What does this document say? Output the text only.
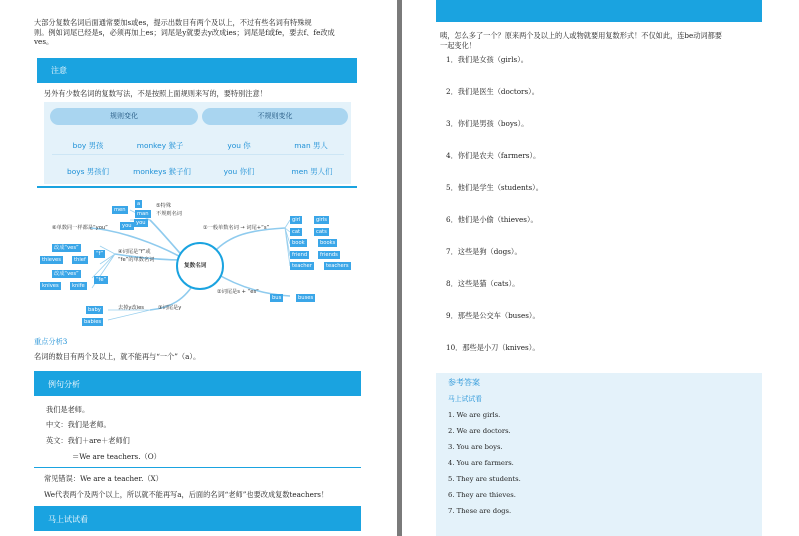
大部分复数名词后面通常要加s或es，提示出数目有两个及以上，不过有些名词有特殊规
则。例如词尾已经是s，必须再加上es；词尾是y就要去y改成ies；词尾是f或fe，要去f、fe改成
ves。
注意
另外有少数名词的复数写法，不是按照上面规则来写的，要特别注意！
规则变化	不规则变化
boy 男孩	monkey 猴子	you 你	man 男人
boys 男孩们	monkeys 猴子们	you 你们	men 男人们
复数名词
①一般单数名词 → 词尾+“s”
girl	girls
cat	cats
book	books
friend	friends
teacher	teachers
②词尾是s + “es”
bus	buses
③词尾是y
去掉y改ies
baby
babies
④词尾是“f”或
“fe”的单数名词
改成“ves”
thieves	thief
“f”
改成“ves”
knives	knife
“fe”
⑤特殊
不规则名词
a
men
man
⑥单数同一样都是“you”	you you
重点分析3
名词的数目有两个及以上，就不能再与“一个”（a）。
例句分析
我们是老师。
中文：我们是老师。
英文：我们＋are＋老师们
＝We are teachers.（O）
常见错误：We are a teacher.（X）
We代表两个及两个以上，所以就不能再写a，后面的名词“老师”也要改成复数teachers！
马上试试看
咦，怎么多了一个？原来两个及以上的人或物就要用复数形式！不仅如此，连be动词都要
一起变化！
1．我们是女孩（girls）。
2．我们是医生（doctors）。
3．你们是男孩（boys）。
4．你们是农夫（farmers）。
5．他们是学生（students）。
6．他们是小偷（thieves）。
7．这些是狗（dogs）。
8．这些是猫（cats）。
9．那些是公交车（buses）。
10．那些是小刀（knives）。
参考答案
马上试试看
1. We are girls.
2. We are doctors.
3. You are boys.
4. You are farmers.
5. They are students.
6. They are thieves.
7. These are dogs.
